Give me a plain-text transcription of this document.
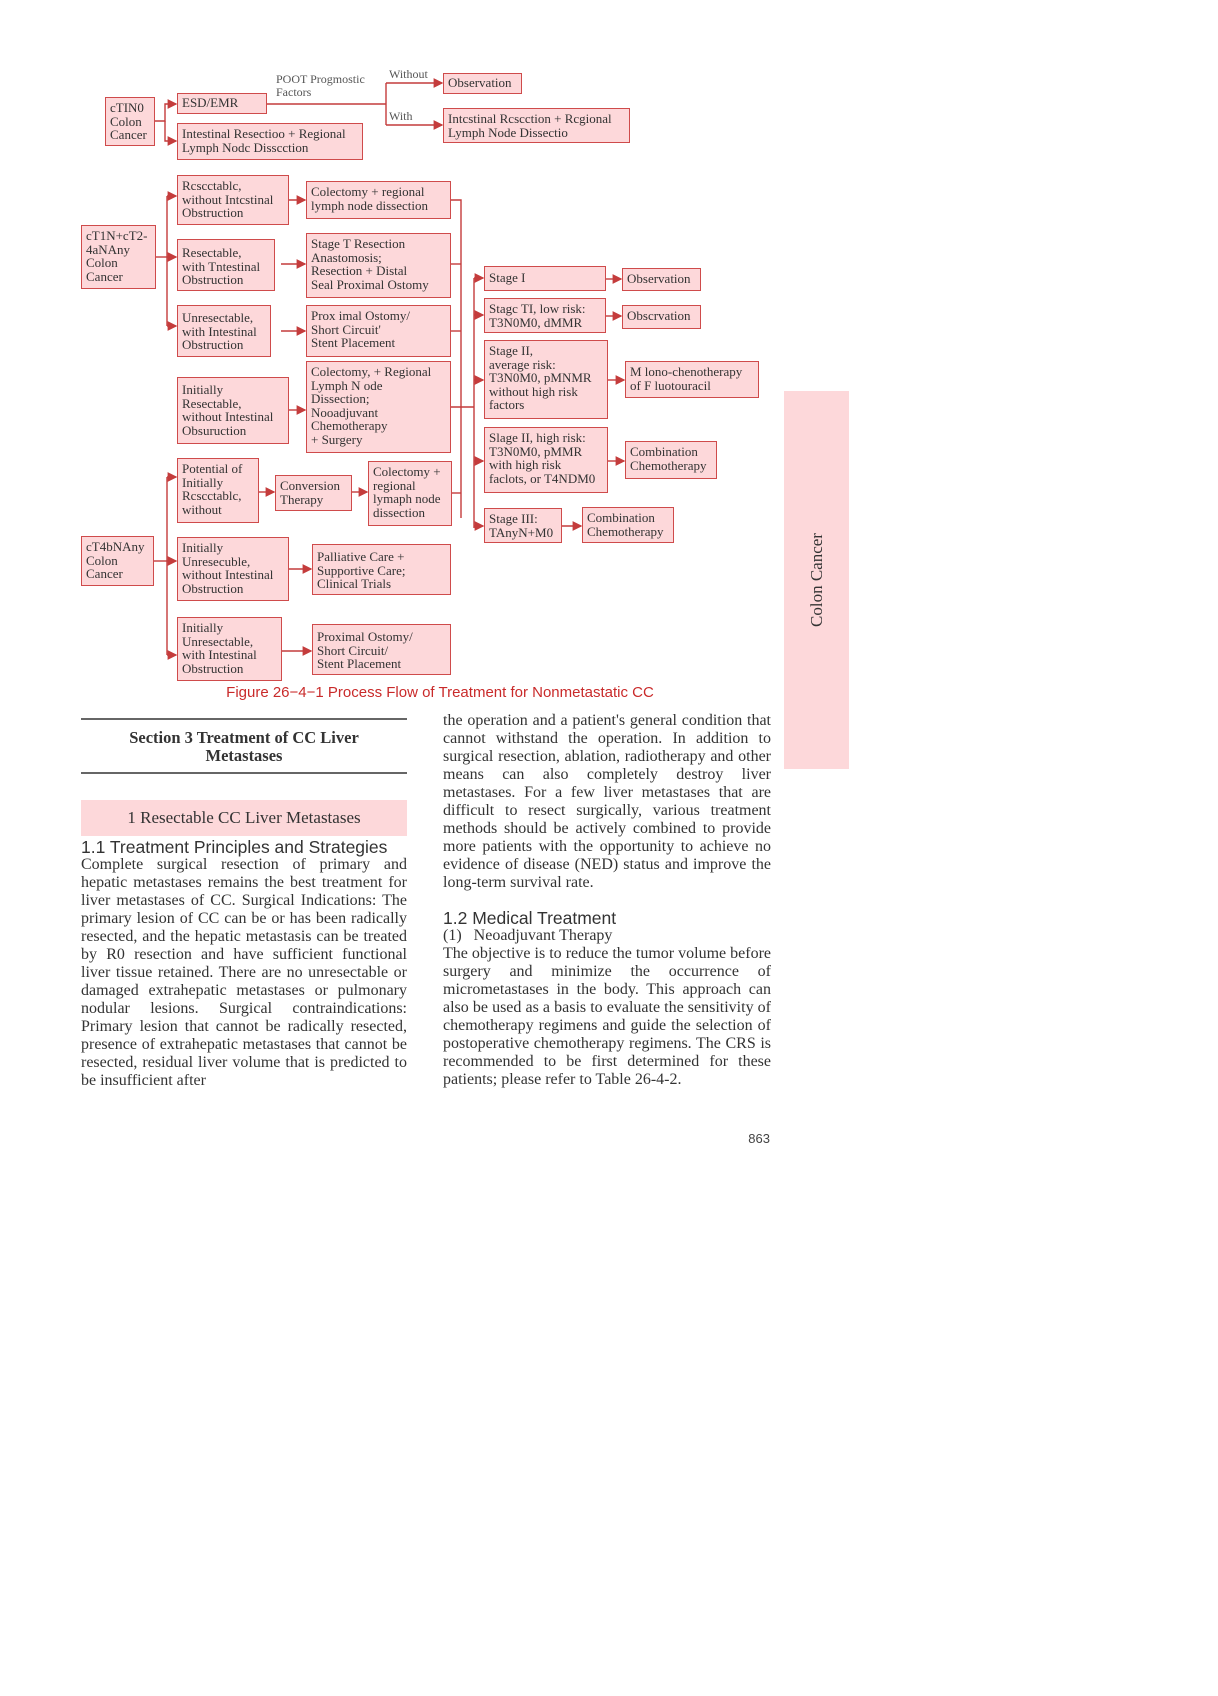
cTIN0
Colon
Cancer
ESD/EMR
Intestinal Resectioo + Regional
Lymph Nodc Disscction
POOT Progmostic
Factors
Without
With
Observation
Intcstinal Rcscction + Rcgional
Lymph Node Dissectio
cT1N+cT2-
4aNAny
Colon
Cancer
Rcscctablc,
without Intcstinal
Obstruction
Resectable,
with Tntestinal
Obstruction
Unresectable,
with Intestinal
Obstruction
Initially
Resectable,
without Intestinal
Obsuruction
Colectomy + regional
lymph node dissection
Stage T Resection
Anastomosis;
Resection + Distal
Seal Proximal Ostomy
Prox imal Ostomy/
Short Circuit'
Stent Placement
Colectomy, + Regional
Lymph N ode
Dissection;
Nooadjuvant
Chemotherapy
+ Surgery
Stage I
Stagc TI, low risk:
T3N0M0, dMMR
Stage II,
average risk:
T3N0M0, pMNMR
without high risk
factors
Slage II, high risk:
T3N0M0, pMMR
with high risk
faclots, or T4NDM0
Stage III:
TAnyN+M0
Observation
Obscrvation
M lono-chenotherapy
of F luotouracil
Combination
Chemotherapy
Combination
Chemotherapy
cT4bNAny
Colon
Cancer
Potential of
Initially
Rcscctablc,
without
Conversion
Therapy
Colectomy +
regional
lymaph node
dissection
Initially
Unresecuble,
without Intestinal
Obstruction
Palliative Care +
Supportive Care;
Clinical Trials
Initially
Unresectable,
with Intestinal
Obstruction
Proximal Ostomy/
Short Circuit/
Stent Placement
Figure 26−4−1 Process Flow of Treatment for Nonmetastatic CC
Colon Cancer
Section 3 Treatment of CC Liver
Metastases
1 Resectable CC Liver Metastases
1.1 Treatment Principles and Strategies
Complete surgical resection of primary and hepatic metastases remains the best treatment for liver metastases of CC. Surgical Indications: The primary lesion of CC can be or has been radically resected, and the hepatic metastasis can be treated by R0 resection and have sufficient functional liver tissue retained. There are no unresectable or damaged extrahepatic metastases or pulmonary nodular lesions. Surgical contraindications: Primary lesion that cannot be radically resected, presence of extrahepatic metastases that cannot be resected, residual liver volume that is predicted to be insufficient after
the operation and a patient's general condition that cannot withstand the operation. In addition to surgical resection, ablation, radiotherapy and other means can also completely destroy liver metastases. For a few liver metastases that are difficult to resect surgically, various treatment methods should be actively combined to provide more patients with the opportunity to achieve no evidence of disease (NED) status and improve the long-term survival rate.
1.2 Medical Treatment
(1)   Neoadjuvant Therapy
The objective is to reduce the tumor volume before surgery and minimize the occurrence of micrometastases in the body. This approach can also be used as a basis to evaluate the sensitivity of chemotherapy regimens and guide the selection of postoperative chemotherapy regimens. The CRS is recommended to be first determined for these patients; please refer to Table 26-4-2.
863
